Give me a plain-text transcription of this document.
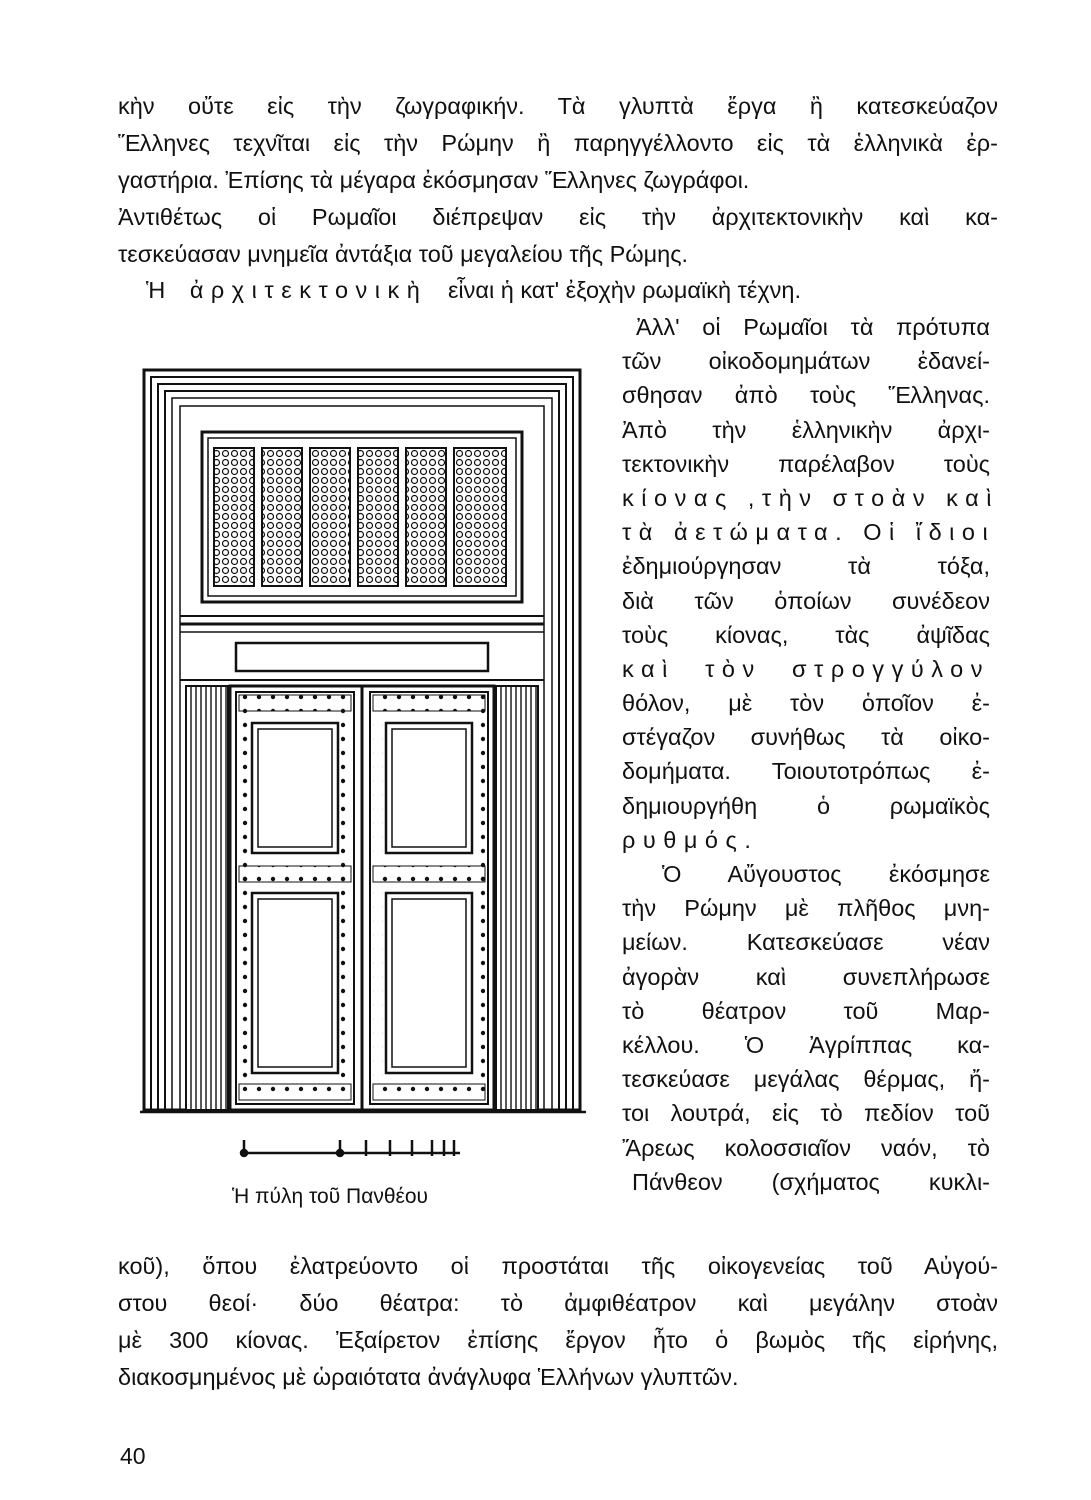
κὴν οὔτε εἰς τὴν ζωγραφικήν. Τὰ γλυπτὰ ἔργα ἢ κατεσκεύαζον
Ἕλληνες τεχνῖται εἰς τὴν Ρώμην ἢ παρηγγέλλοντο εἰς τὰ ἑλληνικὰ ἐρ-
γαστήρια. Ἐπίσης τὰ μέγαρα ἐκόσμησαν Ἕλληνες ζωγράφοι.
Ἀντιθέτως οἱ Ρωμαῖοι διέπρεψαν εἰς τὴν ἀρχιτεκτονικὴν καὶ κα-
τεσκεύασαν μνημεῖα ἀντάξια τοῦ μεγαλείου τῆς Ρώμης.
Ἡ ἀρχιτεκτονικὴ εἶναι ἡ κατ' ἐξοχὴν ρωμαϊκὴ τέχνη.
Ἀλλ' οἱ Ρωμαῖοι τὰ πρότυπα
τῶν οἰκοδομημάτων ἐδανεί-
σθησαν ἀπὸ τοὺς Ἕλληνας.
Ἀπὸ τὴν ἑλληνικὴν ἀρχι-
τεκτονικὴν παρέλαβον τοὺς
κίονας ,τὴν στοὰν καὶ
τὰ ἀετώματα. Οἱ ἴδιοι
ἐδημιούργησαν τὰ τόξα,
διὰ τῶν ὁποίων συνέδεον
τοὺς κίονας, τὰς ἀψῖδας
καὶ τὸν στρογγύλον
θόλον, μὲ τὸν ὁποῖον ἐ-
στέγαζον συνήθως τὰ οἰκο-
δομήματα. Τοιουτοτρόπως ἐ-
δημιουργήθη ὁ ρωμαϊκὸς
ρυθμός.
Ὁ Αὔγουστος ἐκόσμησε
τὴν Ρώμην μὲ πλῆθος μνη-
μείων. Κατεσκεύασε νέαν
ἀγορὰν καὶ συνεπλήρωσε
τὸ θέατρον τοῦ Μαρ-
κέλλου. Ὁ Ἀγρίππας κα-
τεσκεύασε μεγάλας θέρμας, ἤ-
τοι λουτρά, εἰς τὸ πεδίον τοῦ
Ἄρεως κολοσσιαῖον ναόν, τὸ
Πάνθεον (σχήματος κυκλι-
Ἡ πύλη τοῦ Πανθέου
κοῦ), ὅπου ἐλατρεύοντο οἱ προστάται τῆς οἰκογενείας τοῦ Αὐγού-
στου θεοί· δύο θέατρα: τὸ ἀμφιθέατρον καὶ μεγάλην στοὰν
μὲ 300 κίονας. Ἐξαίρετον ἐπίσης ἔργον ἦτο ὁ βωμὸς τῆς εἰρήνης,
διακοσμημένος μὲ ὡραιότατα ἀνάγλυφα Ἑλλήνων γλυπτῶν.
40
